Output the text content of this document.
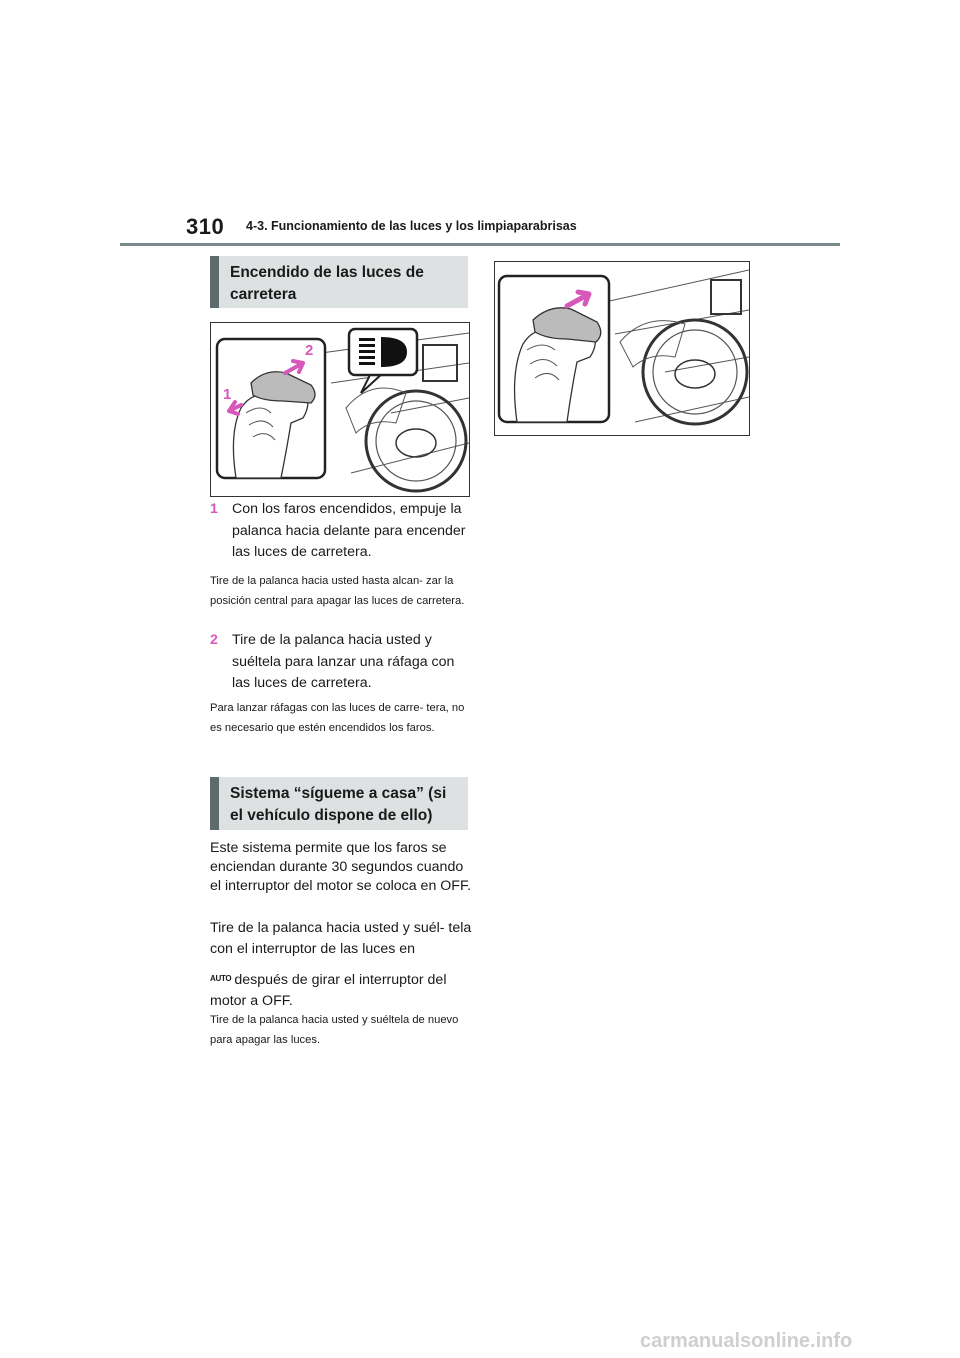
310 4-3. Funcionamiento de las luces y los limpiaparabrisas
Encendido de las luces de carretera
1
2
1 Con los faros encendidos, empuje la palanca hacia delante para encender las luces de carretera.
Tire de la palanca hacia usted hasta alcan- zar la posición central para apagar las luces de carretera.
2 Tire de la palanca hacia usted y suéltela para lanzar una ráfaga con las luces de carretera.
Para lanzar ráfagas con las luces de carre- tera, no es necesario que estén encendidos los faros.
Sistema “sígueme a casa” (si el vehículo dispone de ello)
Este sistema permite que los faros se enciendan durante 30 segundos cuando el interruptor del motor se coloca en OFF.
Tire de la palanca hacia usted y suél- tela con el interruptor de las luces en
$^{AUTO}$ después de girar el interruptor del motor a OFF.
Tire de la palanca hacia usted y suéltela de nuevo para apagar las luces.
carmanualsonline.info
